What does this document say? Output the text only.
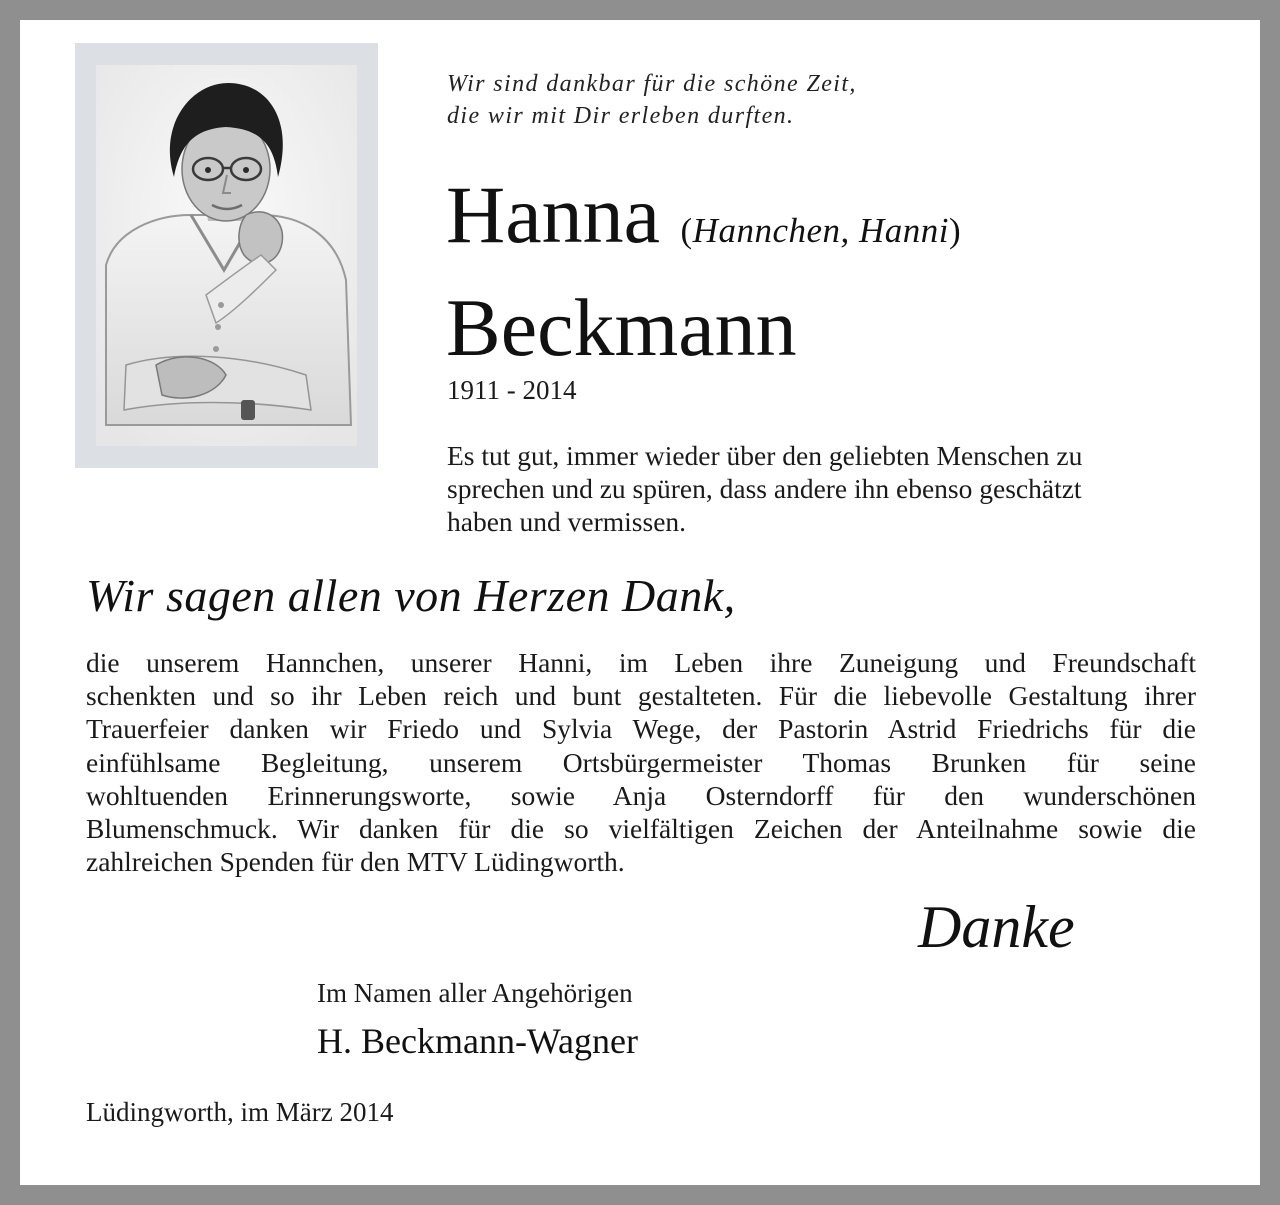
Wir sind dankbar für die schöne Zeit,
die wir mit Dir erleben durften.
Hanna (Hannchen, Hanni)
Beckmann
1911 - 2014
Es tut gut, immer wieder über den geliebten Menschen zu
sprechen und zu spüren, dass andere ihn ebenso geschätzt
haben und vermissen.
Wir sagen allen von Herzen Dank,
die unserem Hannchen, unserer Hanni, im Leben ihre Zuneigung und Freundschaft
schenkten und so ihr Leben reich und bunt gestalteten. Für die liebevolle Gestaltung ihrer
Trauerfeier danken wir Friedo und Sylvia Wege, der Pastorin Astrid Friedrichs für die
einfühlsame Begleitung, unserem Ortsbürgermeister Thomas Brunken für seine
wohltuenden Erinnerungsworte, sowie Anja Osterndorff für den wunderschönen
Blumenschmuck. Wir danken für die so vielfältigen Zeichen der Anteilnahme sowie die
zahlreichen Spenden für den MTV Lüdingworth.
Danke
Im Namen aller Angehörigen
H. Beckmann-Wagner
Lüdingworth, im März 2014
